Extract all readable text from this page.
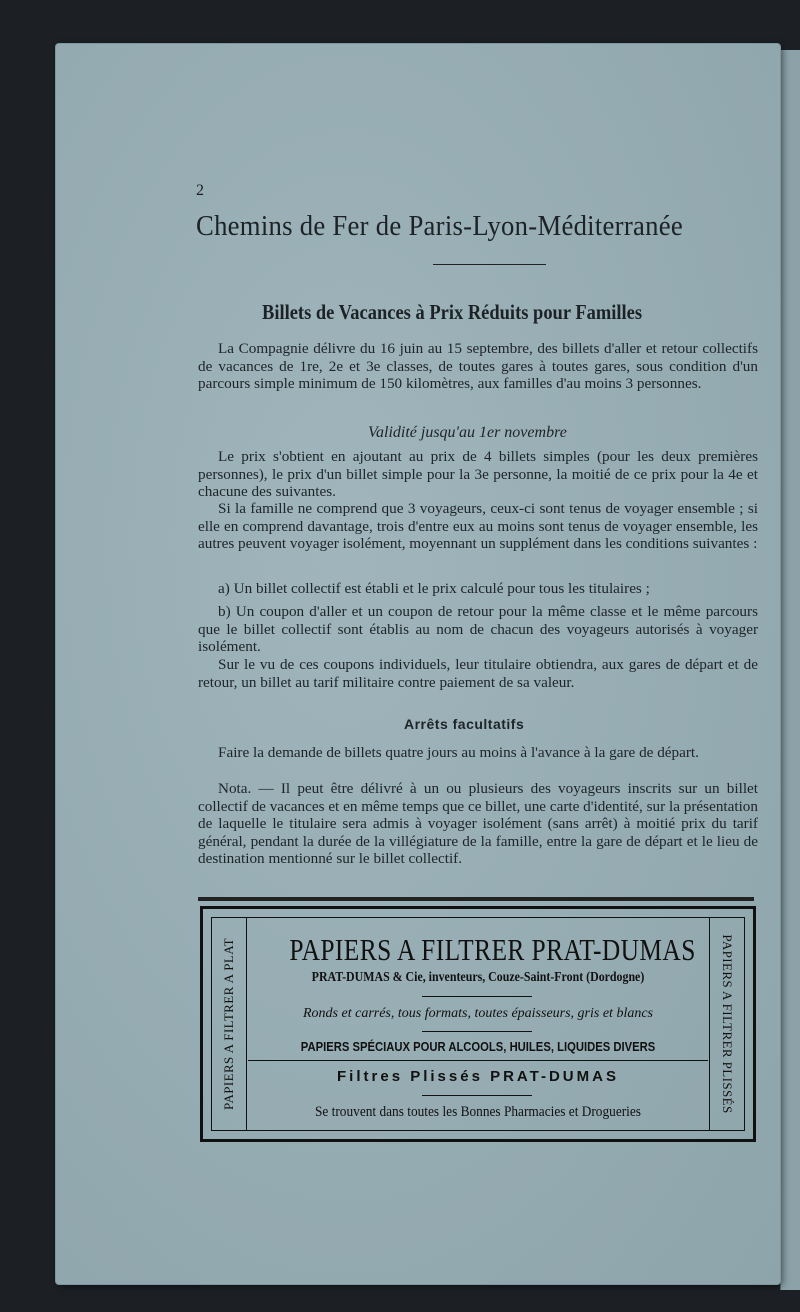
2
Chemins de Fer de Paris-Lyon-Méditerranée
Billets de Vacances à Prix Réduits pour Familles

La Compagnie délivre du 16 juin au 15 septembre, des billets d'aller et retour collectifs de vacances de 1re, 2e et 3e classes, de toutes gares à toutes gares, sous condition d'un parcours simple minimum de 150 kilomètres, aux familles d'au moins 3 personnes.

Validité jusqu'au 1er novembre

Le prix s'obtient en ajoutant au prix de 4 billets simples (pour les deux premières personnes), le prix d'un billet simple pour la 3e personne, la moitié de ce prix pour la 4e et chacune des suivantes.

Si la famille ne comprend que 3 voyageurs, ceux-ci sont tenus de voyager ensemble ; si elle en comprend davantage, trois d'entre eux au moins sont tenus de voyager ensemble, les autres peuvent voyager isolément, moyennant un supplément dans les conditions suivantes :

a) Un billet collectif est établi et le prix calculé pour tous les titulaires ;

b) Un coupon d'aller et un coupon de retour pour la même classe et le même parcours que le billet collectif sont établis au nom de chacun des voyageurs autorisés à voyager isolément.

Sur le vu de ces coupons individuels, leur titulaire obtiendra, aux gares de départ et de retour, un billet au tarif militaire contre paiement de sa valeur.

Arrêts facultatifs

Faire la demande de billets quatre jours au moins à l'avance à la gare de départ.

Nota. — Il peut être délivré à un ou plusieurs des voyageurs inscrits sur un billet collectif de vacances et en même temps que ce billet, une carte d'identité, sur la présentation de laquelle le titulaire sera admis à voyager isolément (sans arrêt) à moitié prix du tarif général, pendant la durée de la villégiature de la famille, entre la gare de départ et le lieu de destination mentionné sur le billet collectif.

PAPIERS A FILTRER A PLAT	PAPIERS A FILTRER PLISSÉS
PAPIERS A FILTRER PRAT-DUMAS
PRAT-DUMAS & Cie, inventeurs, Couze-Saint-Front (Dordogne)
Ronds et carrés, tous formats, toutes épaisseurs, gris et blancs
PAPIERS SPÉCIAUX POUR ALCOOLS, HUILES, LIQUIDES DIVERS
Filtres Plissés PRAT-DUMAS
Se trouvent dans toutes les Bonnes Pharmacies et Drogueries
